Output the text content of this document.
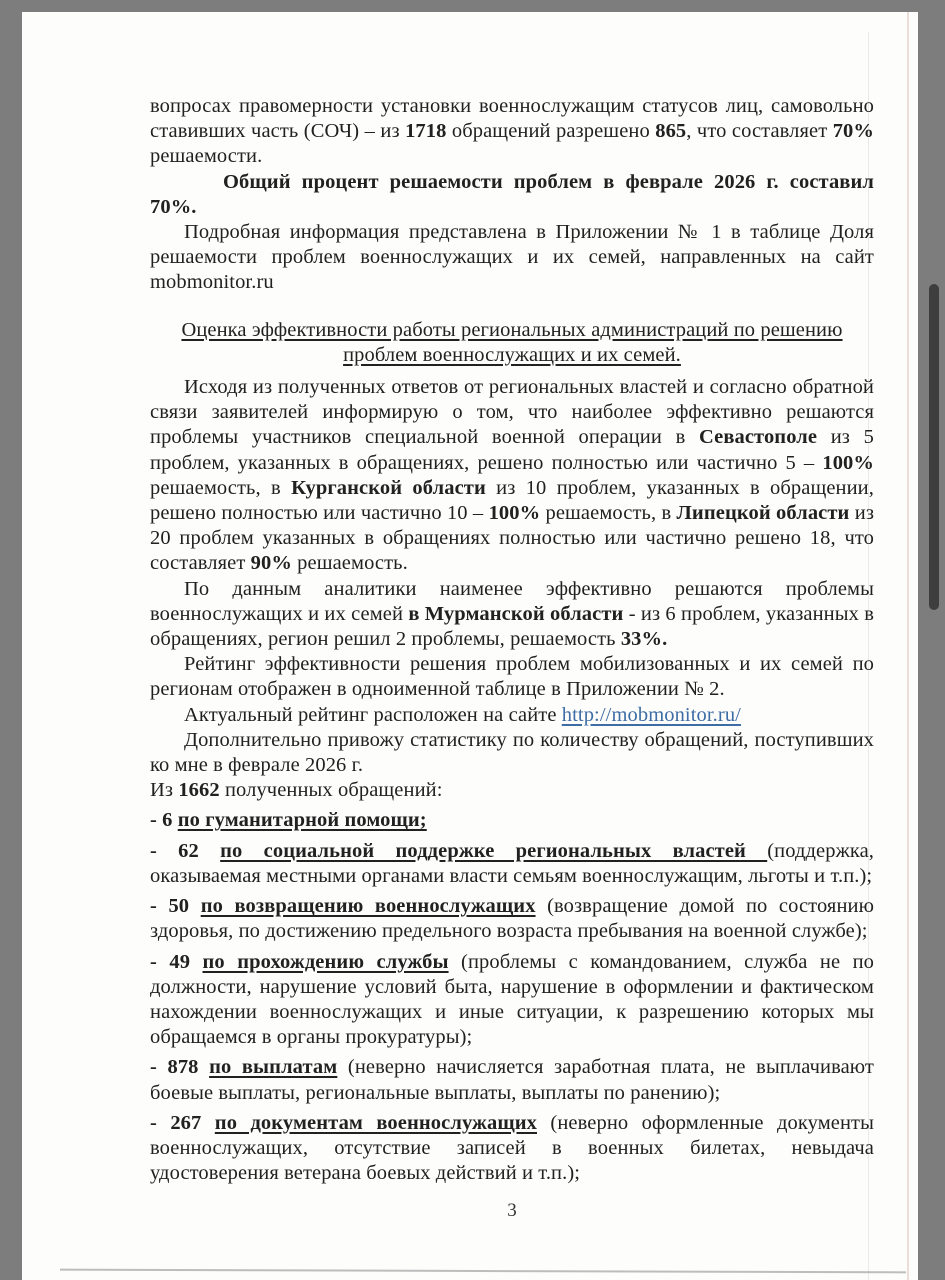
вопросах правомерности установки военнослужащим статусов лиц, самовольно ставивших часть (СОЧ) – из 1718 обращений разрешено 865, что составляет 70% решаемости.

Общий процент решаемости проблем в феврале 2026 г. составил 70%.

Подробная информация представлена в Приложении № 1 в таблице Доля решаемости проблем военнослужащих и их семей, направленных на сайт mobmonitor.ru

Оценка эффективности работы региональных администраций по решению проблем военнослужащих и их семей.

Исходя из полученных ответов от региональных властей и согласно обратной связи заявителей информирую о том, что наиболее эффективно решаются проблемы участников специальной военной операции в Севастополе из 5 проблем, указанных в обращениях, решено полностью или частично 5 – 100% решаемость, в Курганской области из 10 проблем, указанных в обращении, решено полностью или частично 10 – 100% решаемость, в Липецкой области из 20 проблем указанных в обращениях полностью или частично решено 18, что составляет 90% решаемость.

По данным аналитики наименее эффективно решаются проблемы военнослужащих и их семей в Мурманской области - из 6 проблем, указанных в обращениях, регион решил 2 проблемы, решаемость 33%.

Рейтинг эффективности решения проблем мобилизованных и их семей по регионам отображен в одноименной таблице в Приложении № 2.

Актуальный рейтинг расположен на сайте http://mobmonitor.ru/

Дополнительно привожу статистику по количеству обращений, поступивших ко мне в феврале 2026 г.

Из 1662 полученных обращений:

- 6 по гуманитарной помощи;

- 62 по социальной поддержке региональных властей (поддержка, оказываемая местными органами власти семьям военнослужащим, льготы и т.п.);

- 50 по возвращению военнослужащих (возвращение домой по состоянию здоровья, по достижению предельного возраста пребывания на военной службе);

- 49 по прохождению службы (проблемы с командованием, служба не по должности, нарушение условий быта, нарушение в оформлении и фактическом нахождении военнослужащих и иные ситуации, к разрешению которых мы обращаемся в органы прокуратуры);

- 878 по выплатам (неверно начисляется заработная плата, не выплачивают боевые выплаты, региональные выплаты, выплаты по ранению);

- 267 по документам военнослужащих (неверно оформленные документы военнослужащих, отсутствие записей в военных билетах, невыдача удостоверения ветерана боевых действий и т.п.);

3
